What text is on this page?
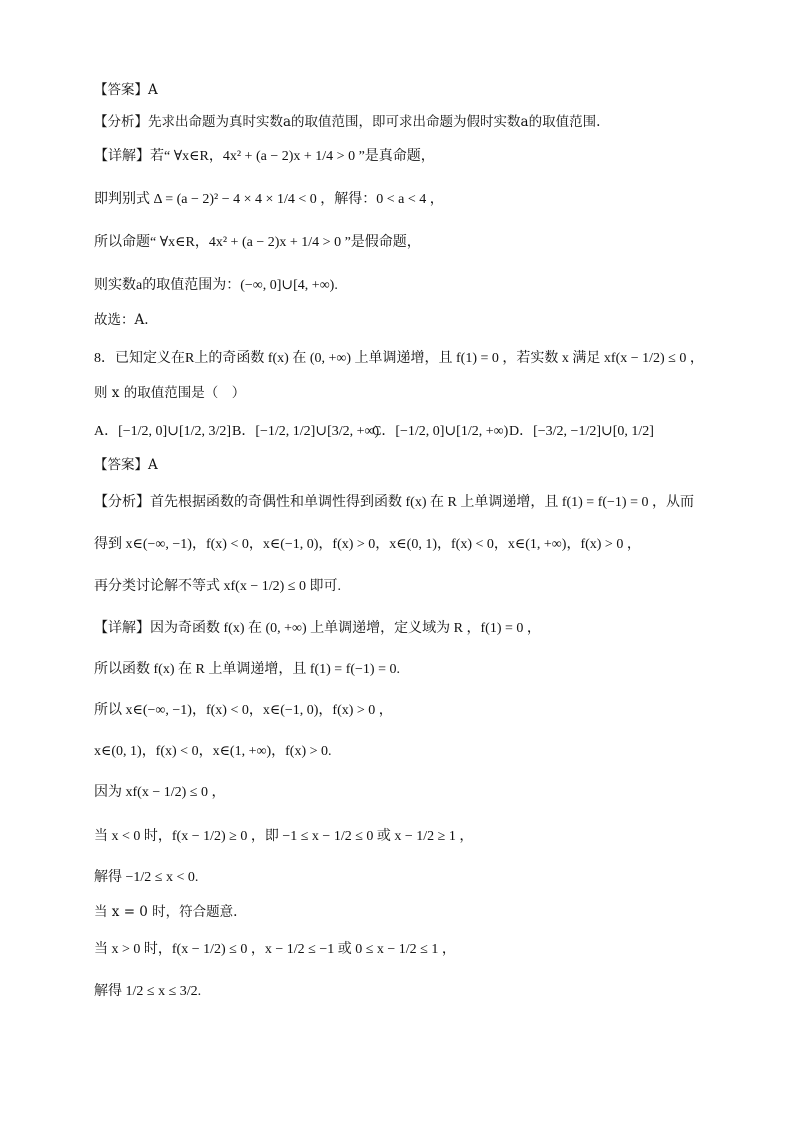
【答案】A
【分析】先求出命题为真时实数a的取值范围，即可求出命题为假时实数a的取值范围.
【详解】若“ ∀x∈R，4x² + (a − 2)x + 1/4 > 0 ”是真命题，
即判别式 Δ = (a − 2)² − 4 × 4 × 1/4 < 0 ，解得：0 < a < 4 ，
所以命题“ ∀x∈R，4x² + (a − 2)x + 1/4 > 0 ”是假命题，
则实数a的取值范围为：(−∞, 0]∪[4, +∞).
故选：A.
8．已知定义在R上的奇函数 f(x) 在 (0, +∞) 上单调递增，且 f(1) = 0 ，若实数 x 满足 xf(x − 1/2) ≤ 0 ，
则 x 的取值范围是（　）
A．[−1/2, 0]∪[1/2, 3/2] B．[−1/2, 1/2]∪[3/2, +∞)
C．[−1/2, 0]∪[1/2, +∞) D．[−3/2, −1/2]∪[0, 1/2]
【答案】A
【分析】首先根据函数的奇偶性和单调性得到函数 f(x) 在 R 上单调递增，且 f(1) = f(−1) = 0 ，从而
得到 x∈(−∞, −1)，f(x) < 0，x∈(−1, 0)，f(x) > 0，x∈(0, 1)，f(x) < 0，x∈(1, +∞)，f(x) > 0 ，
再分类讨论解不等式 xf(x − 1/2) ≤ 0 即可.
【详解】因为奇函数 f(x) 在 (0, +∞) 上单调递增，定义域为 R ，f(1) = 0 ，
所以函数 f(x) 在 R 上单调递增，且 f(1) = f(−1) = 0.
所以 x∈(−∞, −1)，f(x) < 0，x∈(−1, 0)，f(x) > 0 ，
x∈(0, 1)，f(x) < 0，x∈(1, +∞)，f(x) > 0.
因为 xf(x − 1/2) ≤ 0 ，
当 x < 0 时，f(x − 1/2) ≥ 0 ，即 −1 ≤ x − 1/2 ≤ 0 或 x − 1/2 ≥ 1 ，
解得 −1/2 ≤ x < 0.
当 x = 0 时，符合题意.
当 x > 0 时，f(x − 1/2) ≤ 0 ，x − 1/2 ≤ −1 或 0 ≤ x − 1/2 ≤ 1 ，
解得 1/2 ≤ x ≤ 3/2.
